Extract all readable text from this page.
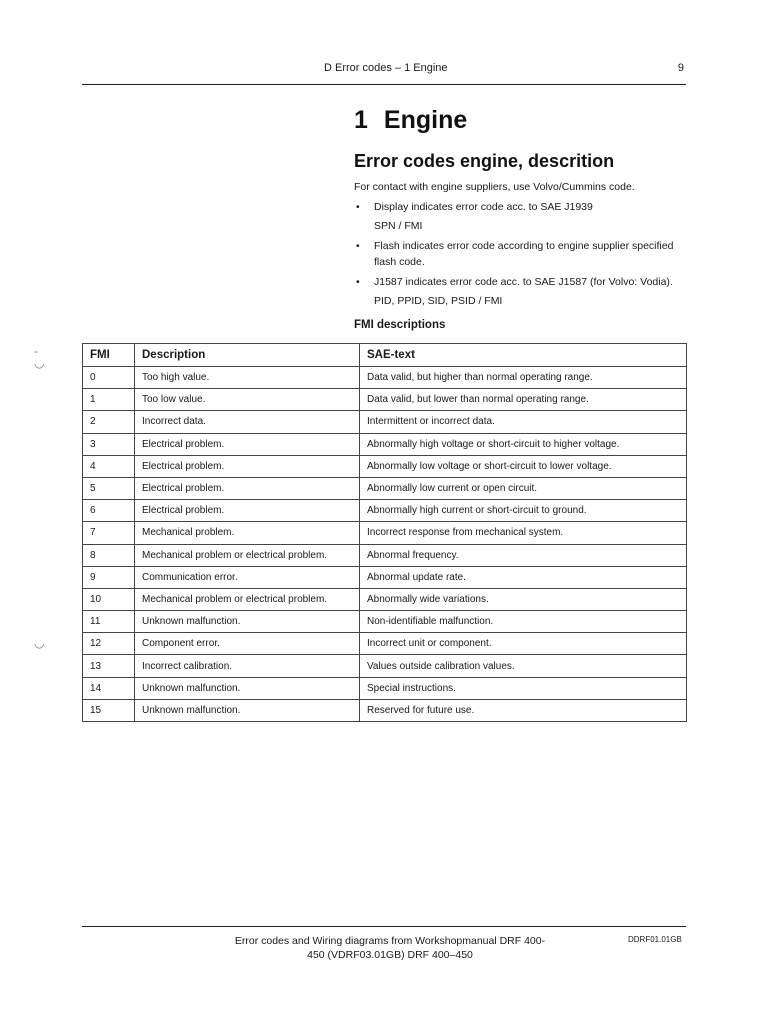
D Error codes – 1 Engine	9
-
◡
◡
1 Engine
Error codes engine, descrition
For contact with engine suppliers, use Volvo/Cummins code.
• Display indicates error code acc. to SAE J1939
SPN / FMI
• Flash indicates error code according to engine supplier specified flash code.
• J1587 indicates error code acc. to SAE J1587 (for Volvo: Vodia).
PID, PPID, SID, PSID / FMI
FMI descriptions
FMI	Description	SAE-text
0	Too high value.	Data valid, but higher than normal operating range.
1	Too low value.	Data valid, but lower than normal operating range.
2	Incorrect data.	Intermittent or incorrect data.
3	Electrical problem.	Abnormally high voltage or short-circuit to higher voltage.
4	Electrical problem.	Abnormally low voltage or short-circuit to lower voltage.
5	Electrical problem.	Abnormally low current or open circuit.
6	Electrical problem.	Abnormally high current or short-circuit to ground.
7	Mechanical problem.	Incorrect response from mechanical system.
8	Mechanical problem or electrical problem.	Abnormal frequency.
9	Communication error.	Abnormal update rate.
10	Mechanical problem or electrical problem.	Abnormally wide variations.
11	Unknown malfunction.	Non-identifiable malfunction.
12	Component error.	Incorrect unit or component.
13	Incorrect calibration.	Values outside calibration values.
14	Unknown malfunction.	Special instructions.
15	Unknown malfunction.	Reserved for future use.
Error codes and Wiring diagrams from Workshopmanual DRF 400-
450 (VDRF03.01GB) DRF 400–450
DDRF01.01GB
